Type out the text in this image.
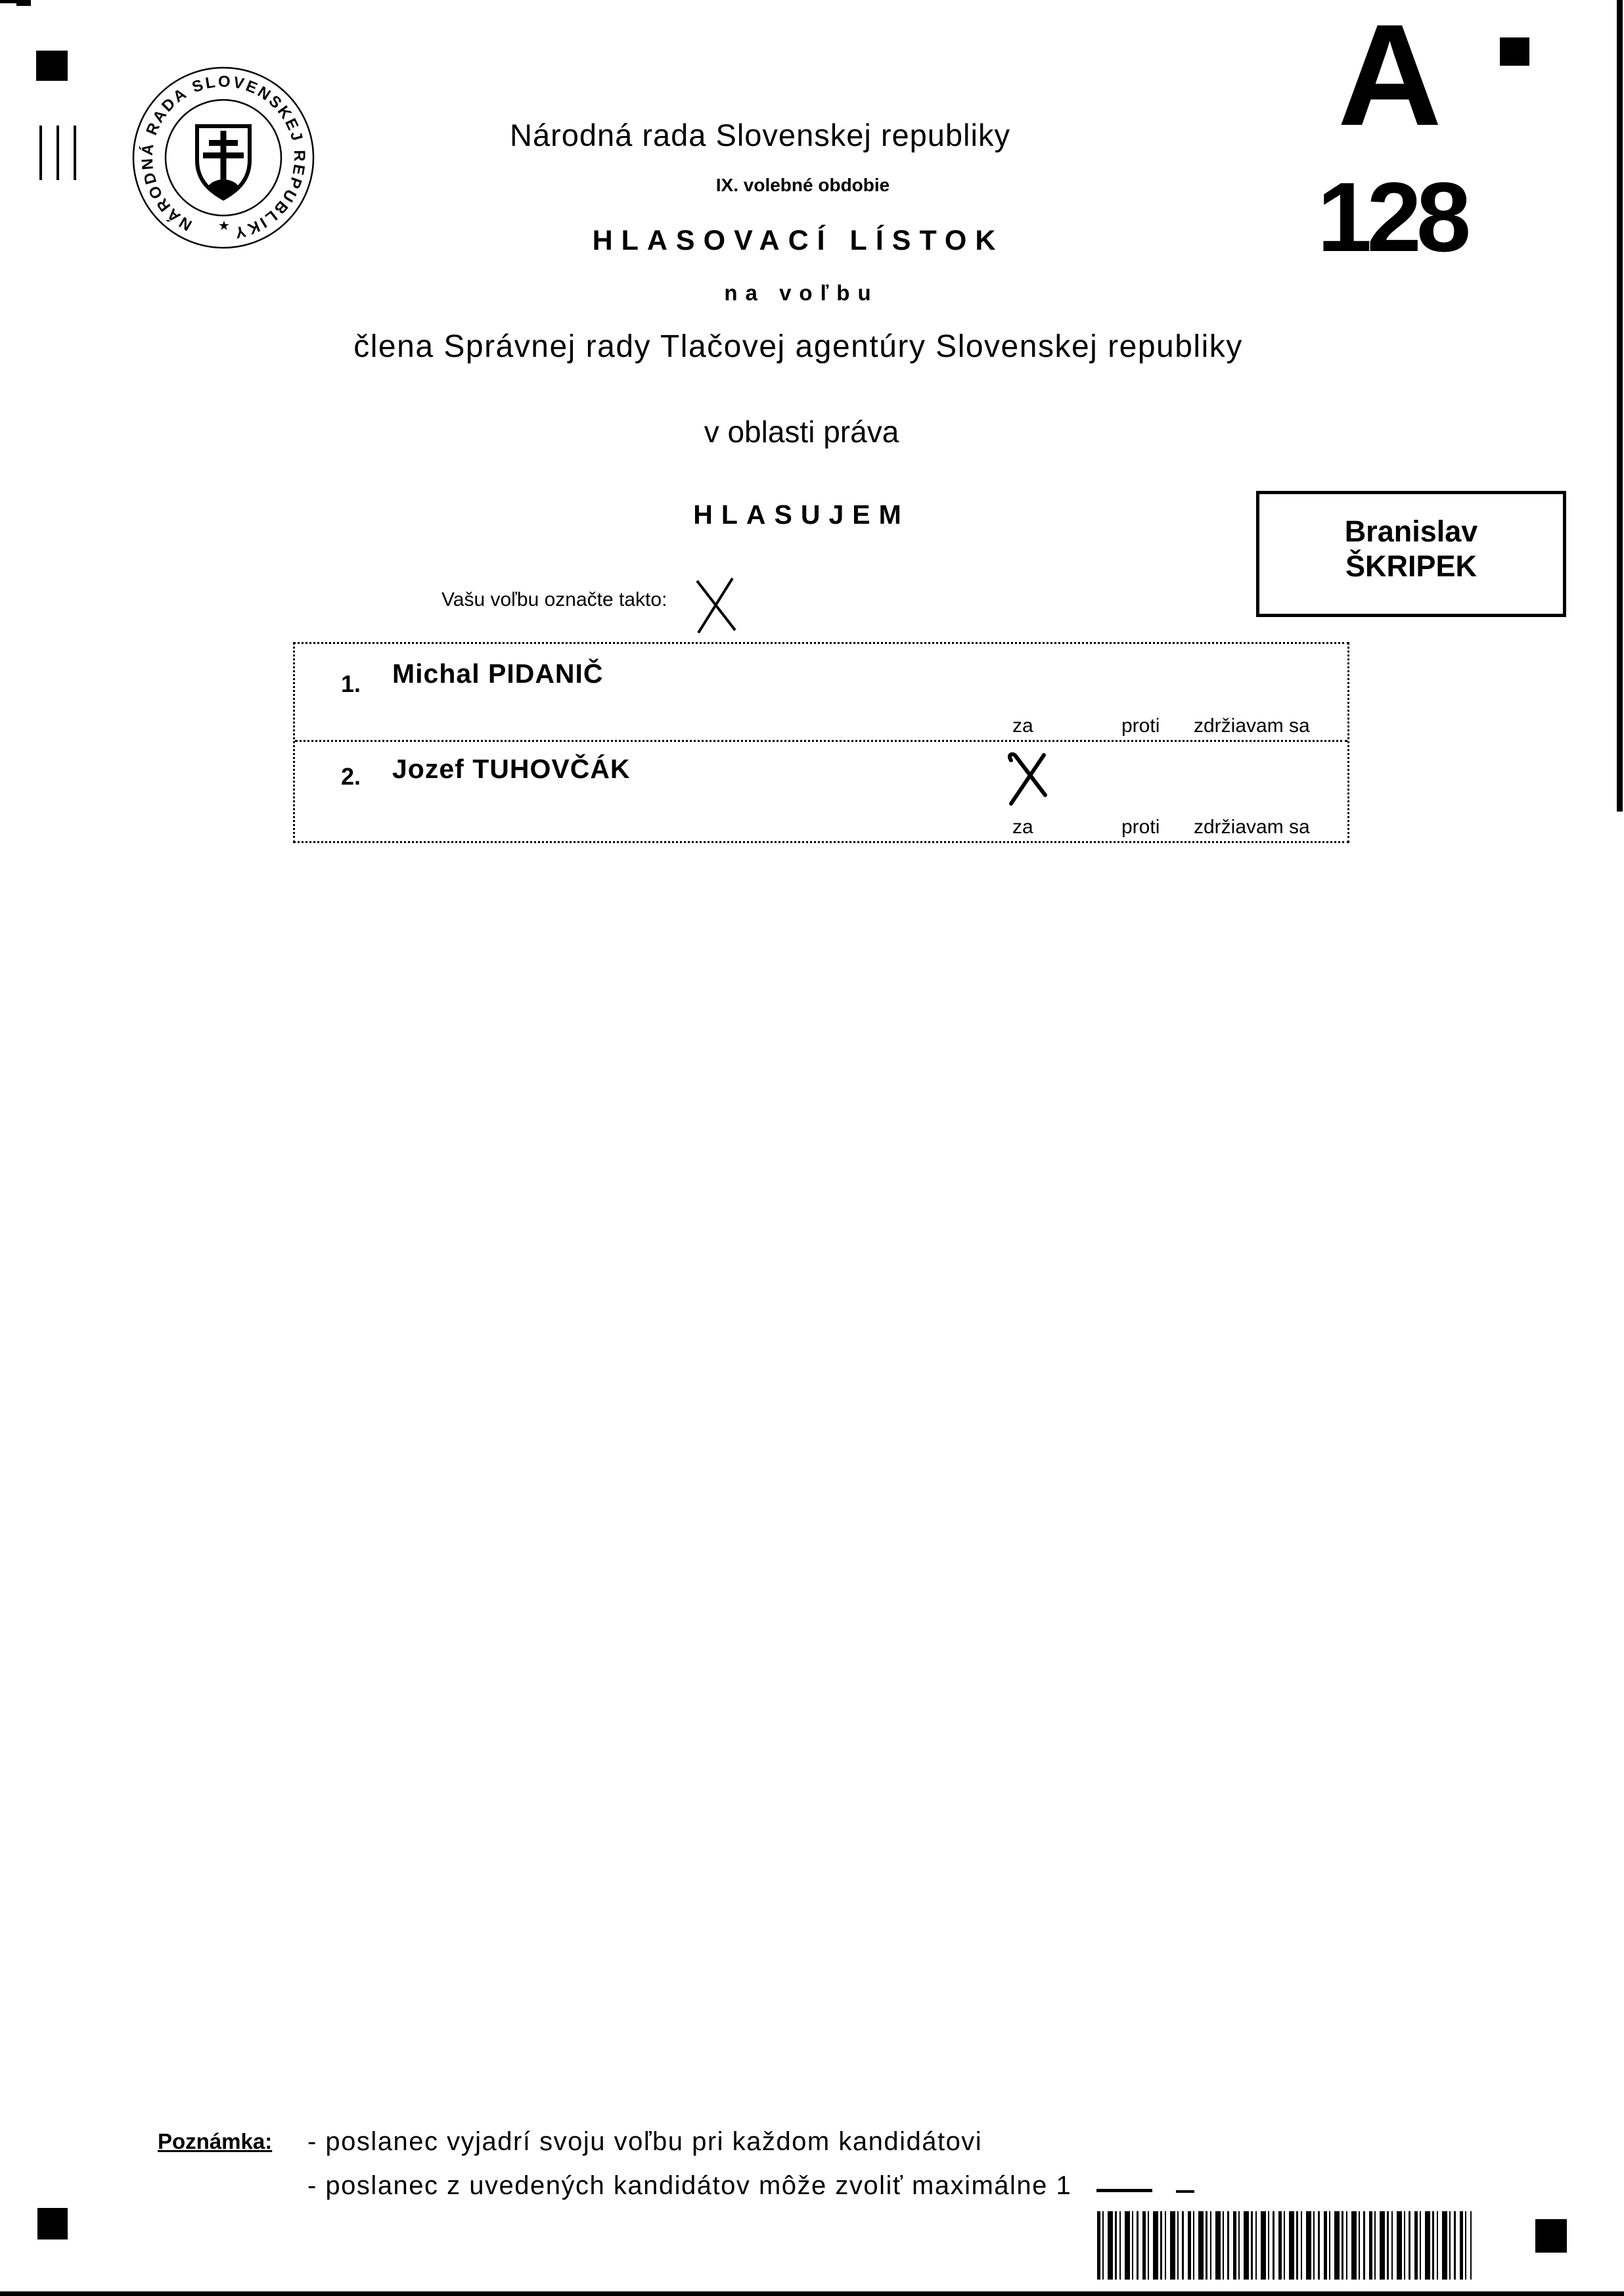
NÁRODNÁ RADA SLOVENSKEJ REPUBLIKY
★
Národná rada Slovenskej republiky
IX. volebné obdobie
HLASOVACÍ LÍSTOK
na voľbu
člena Správnej rady Tlačovej agentúry Slovenskej republiky
v oblasti práva
HLASUJEM
A
128
Branislav
ŠKRIPEK
Vašu voľbu označte takto:
1. Michal PIDANIČ
za	proti zdržiavam sa
2. Jozef TUHOVČÁK
za	proti zdržiavam sa
Poznámka: - poslanec vyjadrí svoju voľbu pri každom kandidátovi
- poslanec z uvedených kandidátov môže zvoliť maximálne 1
